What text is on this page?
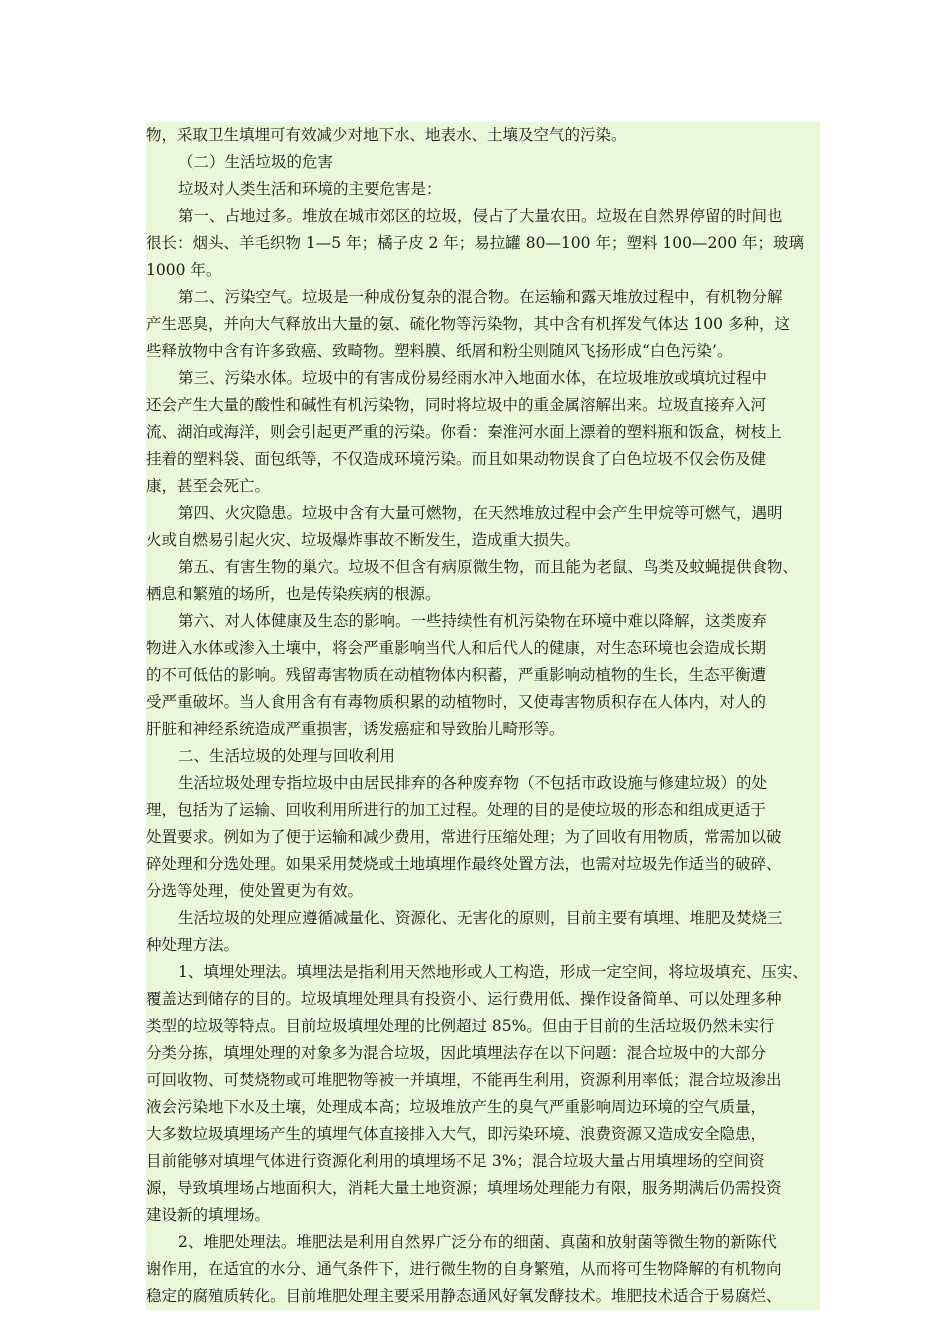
物，采取卫生填埋可有效减少对地下水、地表水、土壤及空气的污染。
（二）生活垃圾的危害
垃圾对人类生活和环境的主要危害是：
第一、占地过多。堆放在城市郊区的垃圾，侵占了大量农田。垃圾在自然界停留的时间也
很长：烟头、羊毛织物 1—5 年；橘子皮 2 年；易拉罐 80—100 年；塑料 100—200 年；玻璃
1000 年。
第二、污染空气。垃圾是一种成份复杂的混合物。在运输和露天堆放过程中，有机物分解
产生恶臭，并向大气释放出大量的氨、硫化物等污染物，其中含有机挥发气体达 100 多种，这
些释放物中含有许多致癌、致畸物。塑料膜、纸屑和粉尘则随风飞扬形成“白色污染’。
第三、污染水体。垃圾中的有害成份易经雨水冲入地面水体，在垃圾堆放或填坑过程中
还会产生大量的酸性和碱性有机污染物，同时将垃圾中的重金属溶解出来。垃圾直接弃入河
流、湖泊或海洋，则会引起更严重的污染。你看：秦淮河水面上漂着的塑料瓶和饭盒，树枝上
挂着的塑料袋、面包纸等，不仅造成环境污染。而且如果动物误食了白色垃圾不仅会伤及健
康，甚至会死亡。
第四、火灾隐患。垃圾中含有大量可燃物，在天然堆放过程中会产生甲烷等可燃气，遇明
火或自燃易引起火灾、垃圾爆炸事故不断发生，造成重大损失。
第五、有害生物的巢穴。垃圾不但含有病原微生物，而且能为老鼠、鸟类及蚊蝇提供食物、
栖息和繁殖的场所，也是传染疾病的根源。
第六、对人体健康及生态的影响。一些持续性有机污染物在环境中难以降解，这类废弃
物进入水体或渗入土壤中，将会严重影响当代人和后代人的健康，对生态环境也会造成长期
的不可低估的影响。残留毒害物质在动植物体内积蓄，严重影响动植物的生长，生态平衡遭
受严重破坏。当人食用含有有毒物质积累的动植物时，又使毒害物质积存在人体内，对人的
肝脏和神经系统造成严重损害，诱发癌症和导致胎儿畸形等。
二、生活垃圾的处理与回收利用
生活垃圾处理专指垃圾中由居民排弃的各种废弃物（不包括市政设施与修建垃圾）的处
理，包括为了运输、回收利用所进行的加工过程。处理的目的是使垃圾的形态和组成更适于
处置要求。例如为了便于运输和减少费用，常进行压缩处理；为了回收有用物质，常需加以破
碎处理和分选处理。如果采用焚烧或土地填埋作最终处置方法，也需对垃圾先作适当的破碎、
分选等处理，使处置更为有效。
生活垃圾的处理应遵循减量化、资源化、无害化的原则，目前主要有填埋、堆肥及焚烧三
种处理方法。
1、填埋处理法。填埋法是指利用天然地形或人工构造，形成一定空间，将垃圾填充、压实、
覆盖达到储存的目的。垃圾填埋处理具有投资小、运行费用低、操作设备简单、可以处理多种
类型的垃圾等特点。目前垃圾填埋处理的比例超过 85%。但由于目前的生活垃圾仍然未实行
分类分拣，填埋处理的对象多为混合垃圾，因此填埋法存在以下问题：混合垃圾中的大部分
可回收物、可焚烧物或可堆肥物等被一并填埋，不能再生利用，资源利用率低；混合垃圾渗出
液会污染地下水及土壤，处理成本高；垃圾堆放产生的臭气严重影响周边环境的空气质量，
大多数垃圾填埋场产生的填埋气体直接排入大气，即污染环境、浪费资源又造成安全隐患，
目前能够对填埋气体进行资源化利用的填埋场不足 3%；混合垃圾大量占用填埋场的空间资
源，导致填埋场占地面积大，消耗大量土地资源；填埋场处理能力有限，服务期满后仍需投资
建设新的填埋场。
2、堆肥处理法。堆肥法是利用自然界广泛分布的细菌、真菌和放射菌等微生物的新陈代
谢作用，在适宜的水分、通气条件下，进行微生物的自身繁殖，从而将可生物降解的有机物向
稳定的腐殖质转化。目前堆肥处理主要采用静态通风好氧发酵技术。堆肥技术适合于易腐烂、
